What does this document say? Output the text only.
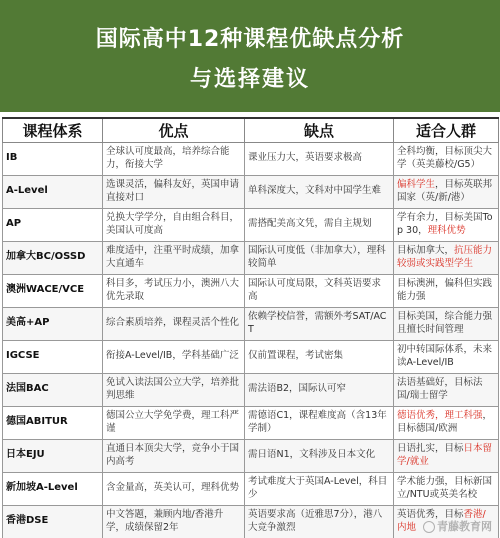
国际高中12种课程优缺点分析
与选择建议
课程体系	优点	缺点	适合人群
IB	全球认可度最高，培养综合能力，衔接大学	课业压力大，英语要求极高	全科均衡，目标顶尖大学（英美藤校/G5）
A-Level	选课灵活，偏科友好，英国申请直接对口	单科深度大，文科对中国学生难	偏科学生，目标英联邦国家（英/新/港）
AP	兑换大学学分，自由组合科目，美国认可度高	需搭配美高文凭，需自主规划	学有余力，目标美国Top 30，理科优势
加拿大BC/OSSD	难度适中，注重平时成绩，加拿大直通车	国际认可度低（非加拿大），理科较简单	目标加拿大，抗压能力较弱或实践型学生
澳洲WACE/VCE	科目多，考试压力小，澳洲八大优先录取	国际认可度局限，文科英语要求高	目标澳洲，偏科但实践能力强
美高+AP	综合素质培养，课程灵活个性化	依赖学校信誉，需额外考SAT/ACT	目标美国，综合能力强且擅长时间管理
IGCSE	衔接A-Level/IB，学科基础广泛	仅前置课程，考试密集	初中转国际体系，未来读A-Level/IB
法国BAC	免试入读法国公立大学，培养批判思维	需法语B2，国际认可窄	法语基础好，目标法国/瑞士留学
德国ABITUR	德国公立大学免学费，理工科严谨	需德语C1，课程难度高（含13年学制）	德语优秀，理工科强，目标德国/欧洲
日本EJU	直通日本顶尖大学，竞争小于国内高考	需日语N1，文科涉及日本文化	日语扎实，目标日本留学/就业
新加坡A-Level	含金量高，英美认可，理科优势	考试难度大于英国A-Level，科目少	学术能力强，目标新国立/NTU或英美名校
香港DSE	中文答题，兼顾内地/香港升学，成绩保留2年	英语要求高（近雅思7分），港八大竞争激烈	英语优秀，目标香港/内地	青藤教育网
